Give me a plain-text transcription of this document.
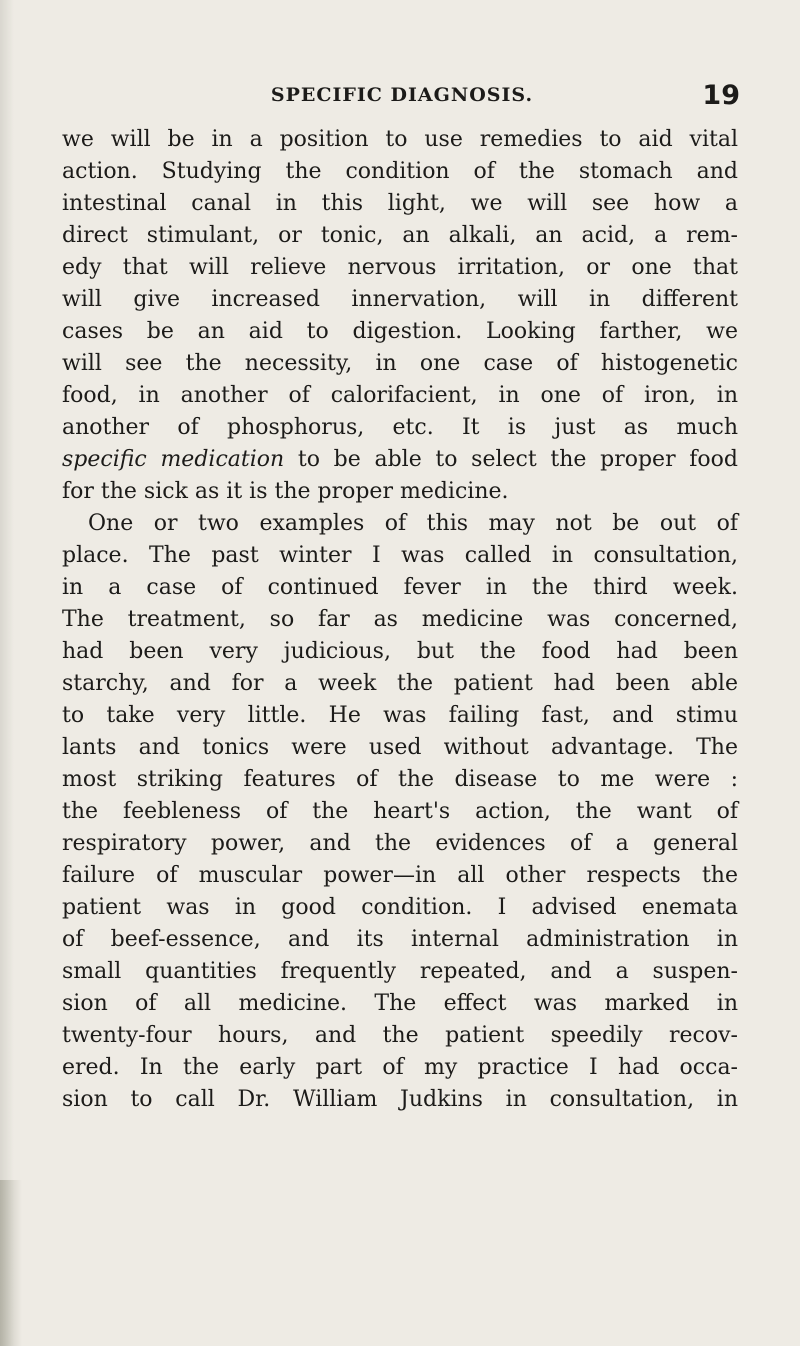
SPECIFIC DIAGNOSIS.	19
we will be in a position to use remedies to aid vital
action. Studying the condition of the stomach and
intestinal canal in this light, we will see how a
direct stimulant, or tonic, an alkali, an acid, a rem-
edy that will relieve nervous irritation, or one that
will give increased innervation, will in different
cases be an aid to digestion. Looking farther, we
will see the necessity, in one case of histogenetic
food, in another of calorifacient, in one of iron, in
another of phosphorus, etc. It is just as much
specific medication to be able to select the proper food
for the sick as it is the proper medicine.
One or two examples of this may not be out of
place. The past winter I was called in consultation,
in a case of continued fever in the third week.
The treatment, so far as medicine was concerned,
had been very judicious, but the food had been
starchy, and for a week the patient had been able
to take very little. He was failing fast, and stimu
lants and tonics were used without advantage. The
most striking features of the disease to me were :
the feebleness of the heart's action, the want of
respiratory power, and the evidences of a general
failure of muscular power—in all other respects the
patient was in good condition. I advised enemata
of beef-essence, and its internal administration in
small quantities frequently repeated, and a suspen-
sion of all medicine. The effect was marked in
twenty-four hours, and the patient speedily recov-
ered. In the early part of my practice I had occa-
sion to call Dr. William Judkins in consultation, in
